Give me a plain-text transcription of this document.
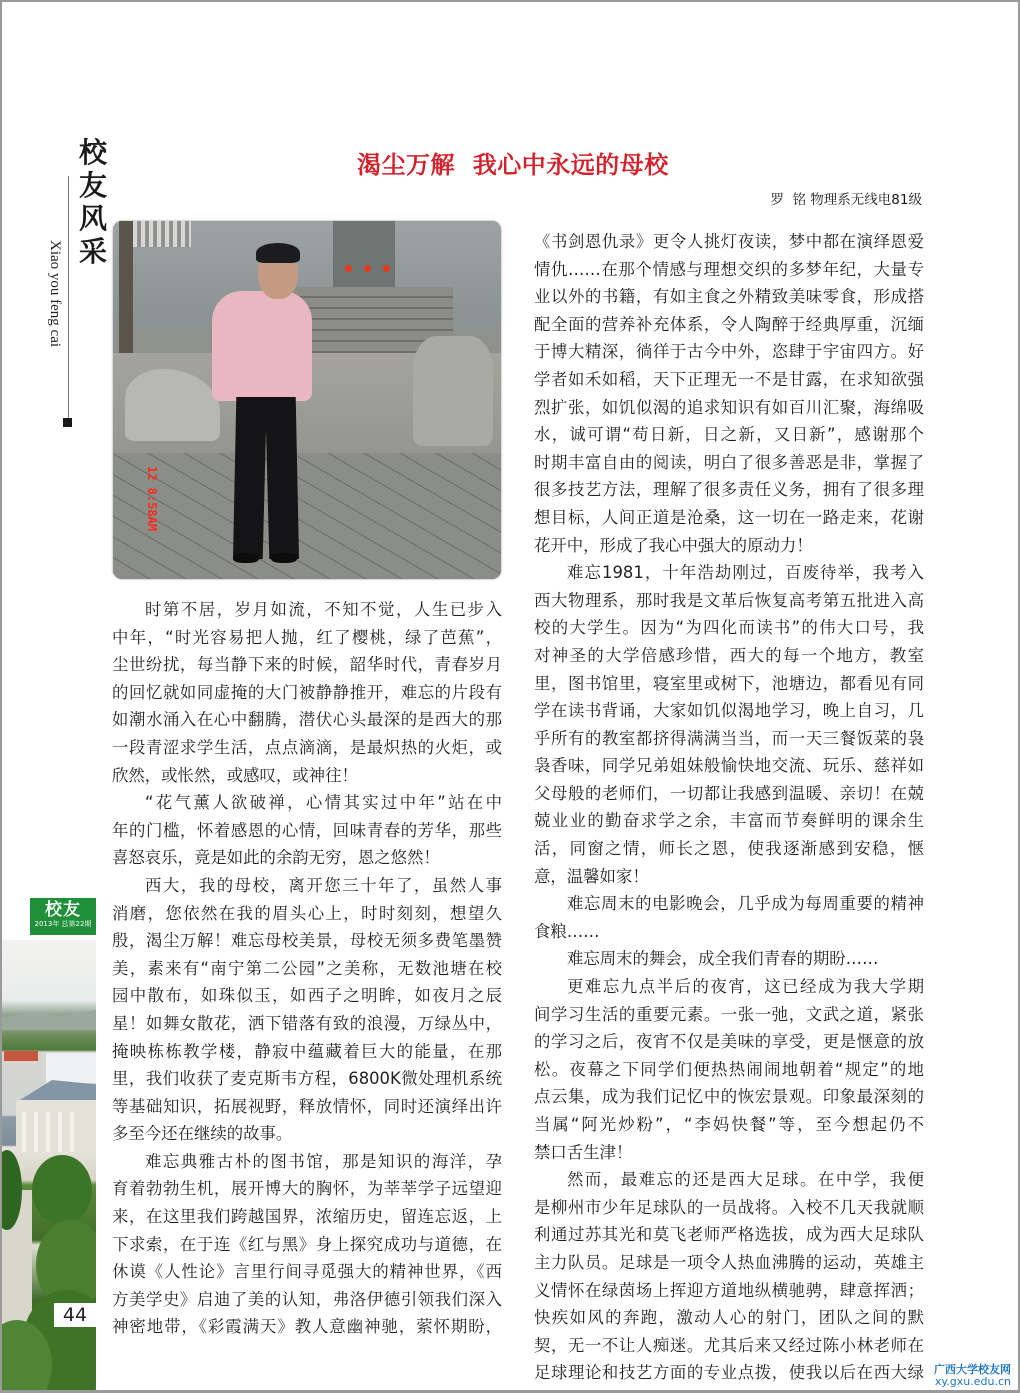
校
友
风
采
Xiao you feng cai
校友
2013年 总第22期
44
渴尘万解  我心中永远的母校
罗  铭 物理系无线电81级
12 8:58AM
时第不居，岁月如流，不知不觉，人生已步入
中年，“时光容易把人抛，红了樱桃，绿了芭蕉”，
尘世纷扰，每当静下来的时候，韶华时代，青春岁月
的回忆就如同虚掩的大门被静静推开，难忘的片段有
如潮水涌入在心中翻腾，潜伏心头最深的是西大的那
一段青涩求学生活，点点滴滴，是最炽热的火炬，或
欣然，或怅然，或感叹，或神往！
“花气薰人欲破禅，心情其实过中年”站在中
年的门槛，怀着感恩的心情，回味青春的芳华，那些
喜怒哀乐，竟是如此的余韵无穷，恩之悠然！
西大，我的母校，离开您三十年了，虽然人事
消磨，您依然在我的眉头心上，时时刻刻，想望久
殷，渴尘万解！难忘母校美景，母校无须多费笔墨赞
美，素来有“南宁第二公园”之美称，无数池塘在校
园中散布，如珠似玉，如西子之明眸，如夜月之辰
星！如舞女散花，洒下错落有致的浪漫，万绿丛中，
掩映栋栋教学楼，静寂中蕴藏着巨大的能量，在那
里，我们收获了麦克斯韦方程，6800K微处理机系统
等基础知识，拓展视野，释放情怀，同时还演绎出许
多至今还在继续的故事。
难忘典雅古朴的图书馆，那是知识的海洋，孕
育着勃勃生机，展开博大的胸怀，为莘莘学子远望迎
来，在这里我们跨越国界，浓缩历史，留连忘返，上
下求索，在于连《红与黑》身上探究成功与道德，在
休谟《人性论》言里行间寻觅强大的精神世界，《西
方美学史》启迪了美的认知，弗洛伊德引领我们深入
神密地带，《彩霞满天》教人意幽神驰，萦怀期盼，
《书剑恩仇录》更令人挑灯夜读，梦中都在演绎恩爱
情仇……在那个情感与理想交织的多梦年纪，大量专
业以外的书籍，有如主食之外精致美味零食，形成搭
配全面的营养补充体系，令人陶醉于经典厚重，沉缅
于博大精深，徜徉于古今中外，恣肆于宇宙四方。好
学者如禾如稻，天下正理无一不是甘露，在求知欲强
烈扩张，如饥似渴的追求知识有如百川汇聚，海绵吸
水，诚可谓“苟日新，日之新，又日新”，感谢那个
时期丰富自由的阅读，明白了很多善恶是非，掌握了
很多技艺方法，理解了很多责任义务，拥有了很多理
想目标，人间正道是沧桑，这一切在一路走来，花谢
花开中，形成了我心中强大的原动力！
难忘1981，十年浩劫刚过，百废待举，我考入
西大物理系，那时我是文革后恢复高考第五批进入高
校的大学生。因为“为四化而读书”的伟大口号，我
对神圣的大学倍感珍惜，西大的每一个地方，教室
里，图书馆里，寝室里或树下，池塘边，都看见有同
学在读书背诵，大家如饥似渴地学习，晚上自习，几
乎所有的教室都挤得满满当当，而一天三餐饭菜的袅
袅香味，同学兄弟姐妹般愉快地交流、玩乐、慈祥如
父母般的老师们，一切都让我感到温暖、亲切！在兢
兢业业的勤奋求学之余，丰富而节奏鲜明的课余生
活，同窗之情，师长之恩，使我逐渐感到安稳，惬
意，温馨如家！
难忘周末的电影晚会，几乎成为每周重要的精神
食粮……
难忘周末的舞会，成全我们青春的期盼……
更难忘九点半后的夜宵，这已经成为我大学期
间学习生活的重要元素。一张一弛，文武之道，紧张
的学习之后，夜宵不仅是美味的享受，更是惬意的放
松。夜幕之下同学们便热热闹闹地朝着“规定”的地
点云集，成为我们记忆中的恢宏景观。印象最深刻的
当属“阿光炒粉”，“李妈快餐”等，至今想起仍不
禁口舌生津！
然而，最难忘的还是西大足球。在中学，我便
是柳州市少年足球队的一员战将。入校不几天我就顺
利通过苏其光和莫飞老师严格选拔，成为西大足球队
主力队员。足球是一项令人热血沸腾的运动，英雄主
义情怀在绿茵场上挥迎方道地纵横驰骋，肆意挥洒；
快疾如风的奔跑，激动人心的射门，团队之间的默
契，无一不让人痴迷。尤其后来又经过陈小林老师在
足球理论和技艺方面的专业点拨，使我以后在西大绿 广西大学校友网
xy.gxu.edu.cn
